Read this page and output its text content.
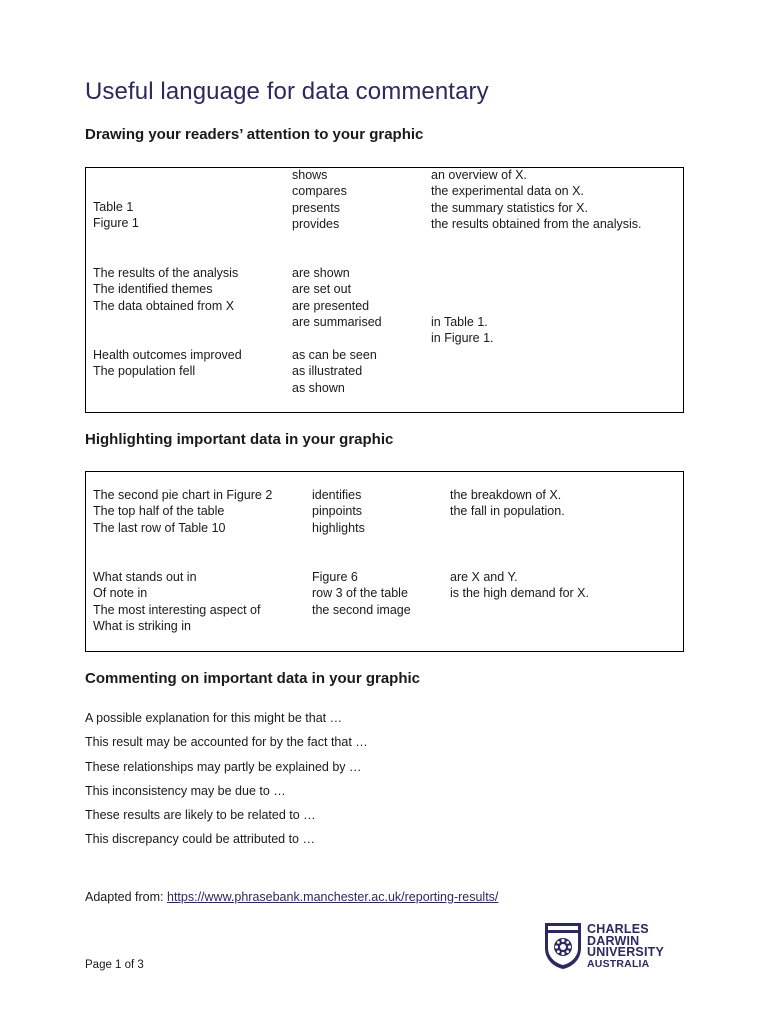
Useful language for data commentary
Drawing your readers’ attention to your graphic
Table 1
Figure 1
The results of the analysis
The identified themes
The data obtained from X
Health outcomes improved
The population fell
shows
compares
presents
provides
are shown
are set out
are presented
are summarised
as can be seen
as illustrated
as shown
an overview of X.
the experimental data on X.
the summary statistics for X.
the results obtained from the analysis.
in Table 1.
in Figure 1.
Highlighting important data in your graphic
The second pie chart in Figure 2
The top half of the table
The last row of Table 10
What stands out in
Of note in
The most interesting aspect of
What is striking in
identifies
pinpoints
highlights
Figure 6
row 3 of the table
the second image
the breakdown of X.
the fall in population.
are X and Y.
is the high demand for X.
Commenting on important data in your graphic
A possible explanation for this might be that …
This result may be accounted for by the fact that …
These relationships may partly be explained by …
This inconsistency may be due to …
These results are likely to be related to …
This discrepancy could be attributed to …
Adapted from: https://www.phrasebank.manchester.ac.uk/reporting-results/
Page 1 of 3
CHARLES
DARWIN
UNIVERSITY
AUSTRALIA
